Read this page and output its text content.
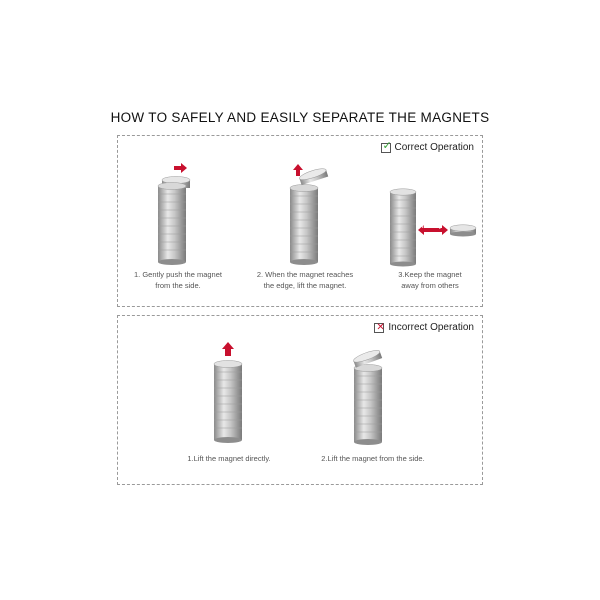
HOW TO SAFELY AND EASILY SEPARATE THE MAGNETS
✓ Correct Operation
far away
1. Gently push the magnet
from the side.
2. When the magnet reaches
the edge, lift the magnet.
3.Keep the magnet
away from others
✕ Incorrect Operation
1.Lift the magnet directly.	2.Lift the magnet from the side.
